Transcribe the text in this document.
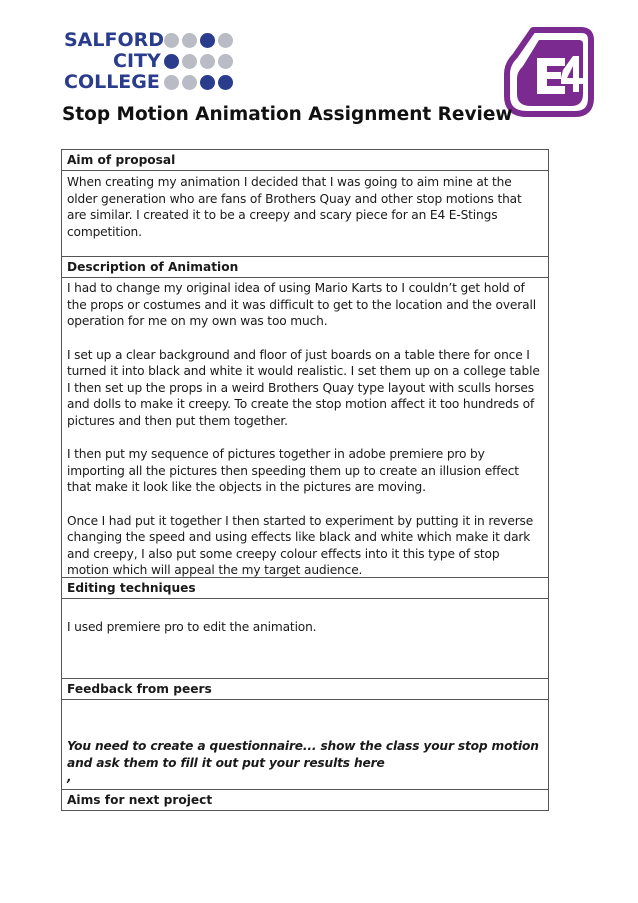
SALFORD
CITY
COLLEGE
Stop Motion Animation Assignment Review
Aim of proposal

When creating my animation I decided that I was going to aim mine at the older generation who are fans of Brothers Quay and other stop motions that are similar. I created it to be a creepy and scary piece for an E4 E-Stings competition.

Description of Animation

I had to change my original idea of using Mario Karts to I couldn’t get hold of the props or costumes and it was difficult to get to the location and the overall operation for me on my own was too much.

I set up a clear background and floor of just boards on a table there for once I turned it into black and white it would realistic. I set them up on a college table I then set up the props in a weird Brothers Quay type layout with sculls horses and dolls to make it creepy. To create the stop motion affect it too hundreds of pictures and then put them together.

I then put my sequence of pictures together in adobe premiere pro by importing all the pictures then speeding them up to create an illusion effect that make it look like the objects in the pictures are moving.

Once I had put it together I then started to experiment by putting it in reverse changing the speed and using effects like black and white which make it dark and creepy, I also put some creepy colour effects into it this type of stop motion which will appeal the my target audience.

Editing techniques

I used premiere pro to edit the animation.

Feedback from peers

You need to create a questionnaire... show the class your stop motion and ask them to fill it out put your results here

,

Aims for next project
